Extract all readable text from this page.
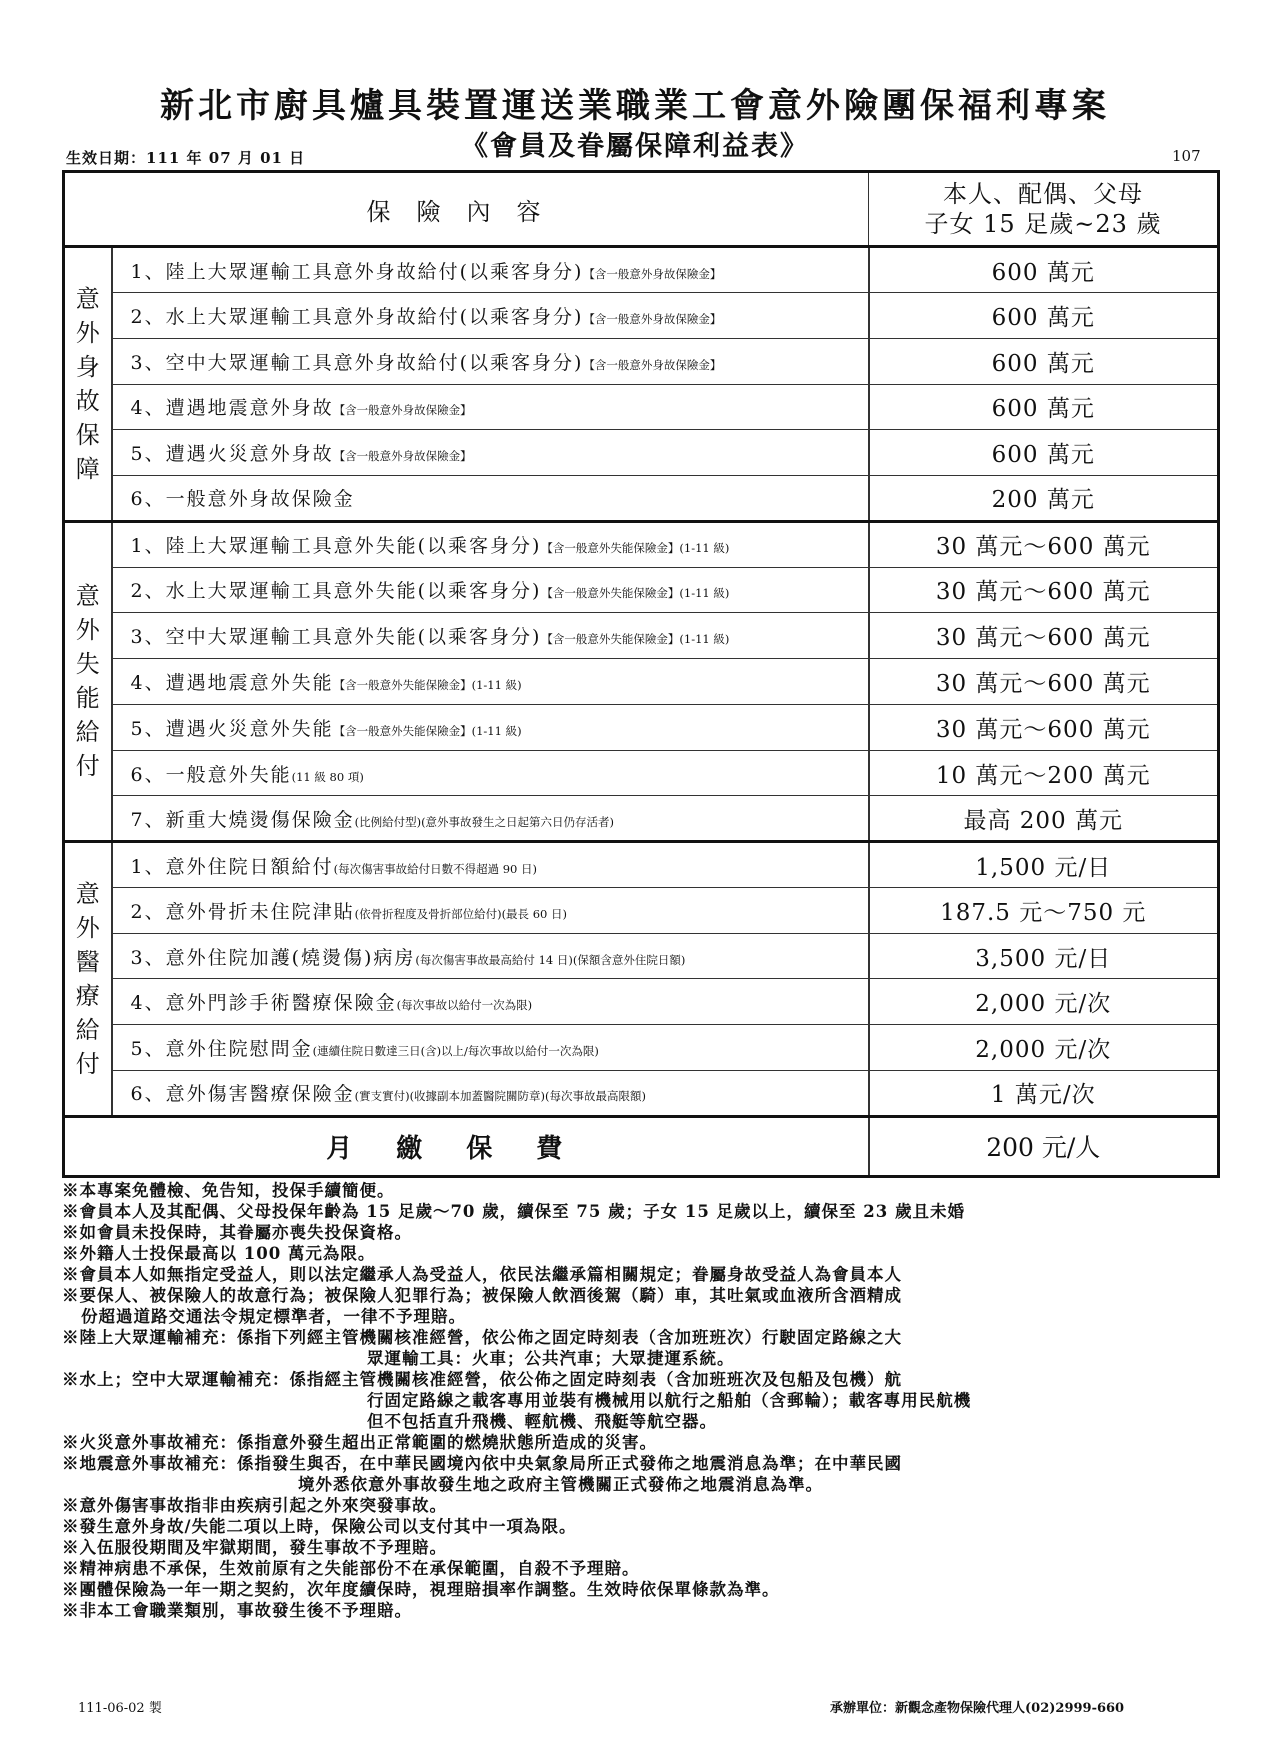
新北市廚具爐具裝置運送業職業工會意外險團保福利專案
《會員及眷屬保障利益表》
生效日期：111 年 07 月 01 日	107
保險內容		本人、配偶、父母
子女 15 足歲~23 歲

意外身故保障	1、陸上大眾運輸工具意外身故給付(以乘客身分)【含一般意外身故保險金】	600 萬元
	2、水上大眾運輸工具意外身故給付(以乘客身分)【含一般意外身故保險金】	600 萬元
	3、空中大眾運輸工具意外身故給付(以乘客身分)【含一般意外身故保險金】	600 萬元
	4、遭遇地震意外身故【含一般意外身故保險金】	600 萬元
	5、遭遇火災意外身故【含一般意外身故保險金】	600 萬元
	6、一般意外身故保險金	200 萬元
意外失能給付	1、陸上大眾運輸工具意外失能(以乘客身分)【含一般意外失能保險金】(1-11 級)	30 萬元～600 萬元
	2、水上大眾運輸工具意外失能(以乘客身分)【含一般意外失能保險金】(1-11 級)	30 萬元～600 萬元
	3、空中大眾運輸工具意外失能(以乘客身分)【含一般意外失能保險金】(1-11 級)	30 萬元～600 萬元
	4、遭遇地震意外失能【含一般意外失能保險金】(1-11 級)	30 萬元～600 萬元
	5、遭遇火災意外失能【含一般意外失能保險金】(1-11 級)	30 萬元～600 萬元
	6、一般意外失能(11 級 80 項)	10 萬元～200 萬元
	7、新重大燒燙傷保險金(比例給付型)(意外事故發生之日起第六日仍存活者)	最高 200 萬元
意外醫療給付	1、意外住院日額給付(每次傷害事故給付日數不得超過 90 日)	1,500 元/日
	2、意外骨折未住院津貼(依骨折程度及骨折部位給付)(最長 60 日)	187.5 元～750 元
	3、意外住院加護(燒燙傷)病房(每次傷害事故最高給付 14 日)(保額含意外住院日額)	3,500 元/日
	4、意外門診手術醫療保險金(每次事故以給付一次為限)	2,000 元/次
	5、意外住院慰問金(連續住院日數達三日(含)以上/每次事故以給付一次為限)	2,000 元/次
	6、意外傷害醫療保險金(實支實付)(收據副本加蓋醫院關防章)(每次事故最高限額)	1 萬元/次
月繳保費		200 元/人
※本專案免體檢、免告知，投保手續簡便。
※會員本人及其配偶、父母投保年齡為 15 足歲～70 歲，續保至 75 歲；子女 15 足歲以上，續保至 23 歲且未婚
※如會員未投保時，其眷屬亦喪失投保資格。
※外籍人士投保最高以 100 萬元為限。
※會員本人如無指定受益人，則以法定繼承人為受益人，依民法繼承篇相關規定；眷屬身故受益人為會員本人
※要保人、被保險人的故意行為；被保險人犯罪行為；被保險人飲酒後駕（騎）車，其吐氣或血液所含酒精成
份超過道路交通法令規定標準者，一律不予理賠。
※陸上大眾運輸補充：係指下列經主管機關核准經營，依公佈之固定時刻表（含加班班次）行駛固定路線之大
眾運輸工具：火車；公共汽車；大眾捷運系統。
※水上；空中大眾運輸補充：係指經主管機關核准經營，依公佈之固定時刻表（含加班班次及包船及包機）航
行固定路線之載客專用並裝有機械用以航行之船舶（含郵輪）；載客專用民航機
但不包括直升飛機、輕航機、飛艇等航空器。
※火災意外事故補充：係指意外發生超出正常範圍的燃燒狀態所造成的災害。
※地震意外事故補充：係指發生與否，在中華民國境內依中央氣象局所正式發佈之地震消息為準；在中華民國
境外悉依意外事故發生地之政府主管機關正式發佈之地震消息為準。
※意外傷害事故指非由疾病引起之外來突發事故。
※發生意外身故/失能二項以上時，保險公司以支付其中一項為限。
※入伍服役期間及牢獄期間，發生事故不予理賠。
※精神病患不承保，生效前原有之失能部份不在承保範圍，自殺不予理賠。
※團體保險為一年一期之契約，次年度續保時，視理賠損率作調整。生效時依保單條款為準。
※非本工會職業類別，事故發生後不予理賠。
111-06-02 製	承辦單位：新觀念產物保險代理人(02)2999-660
